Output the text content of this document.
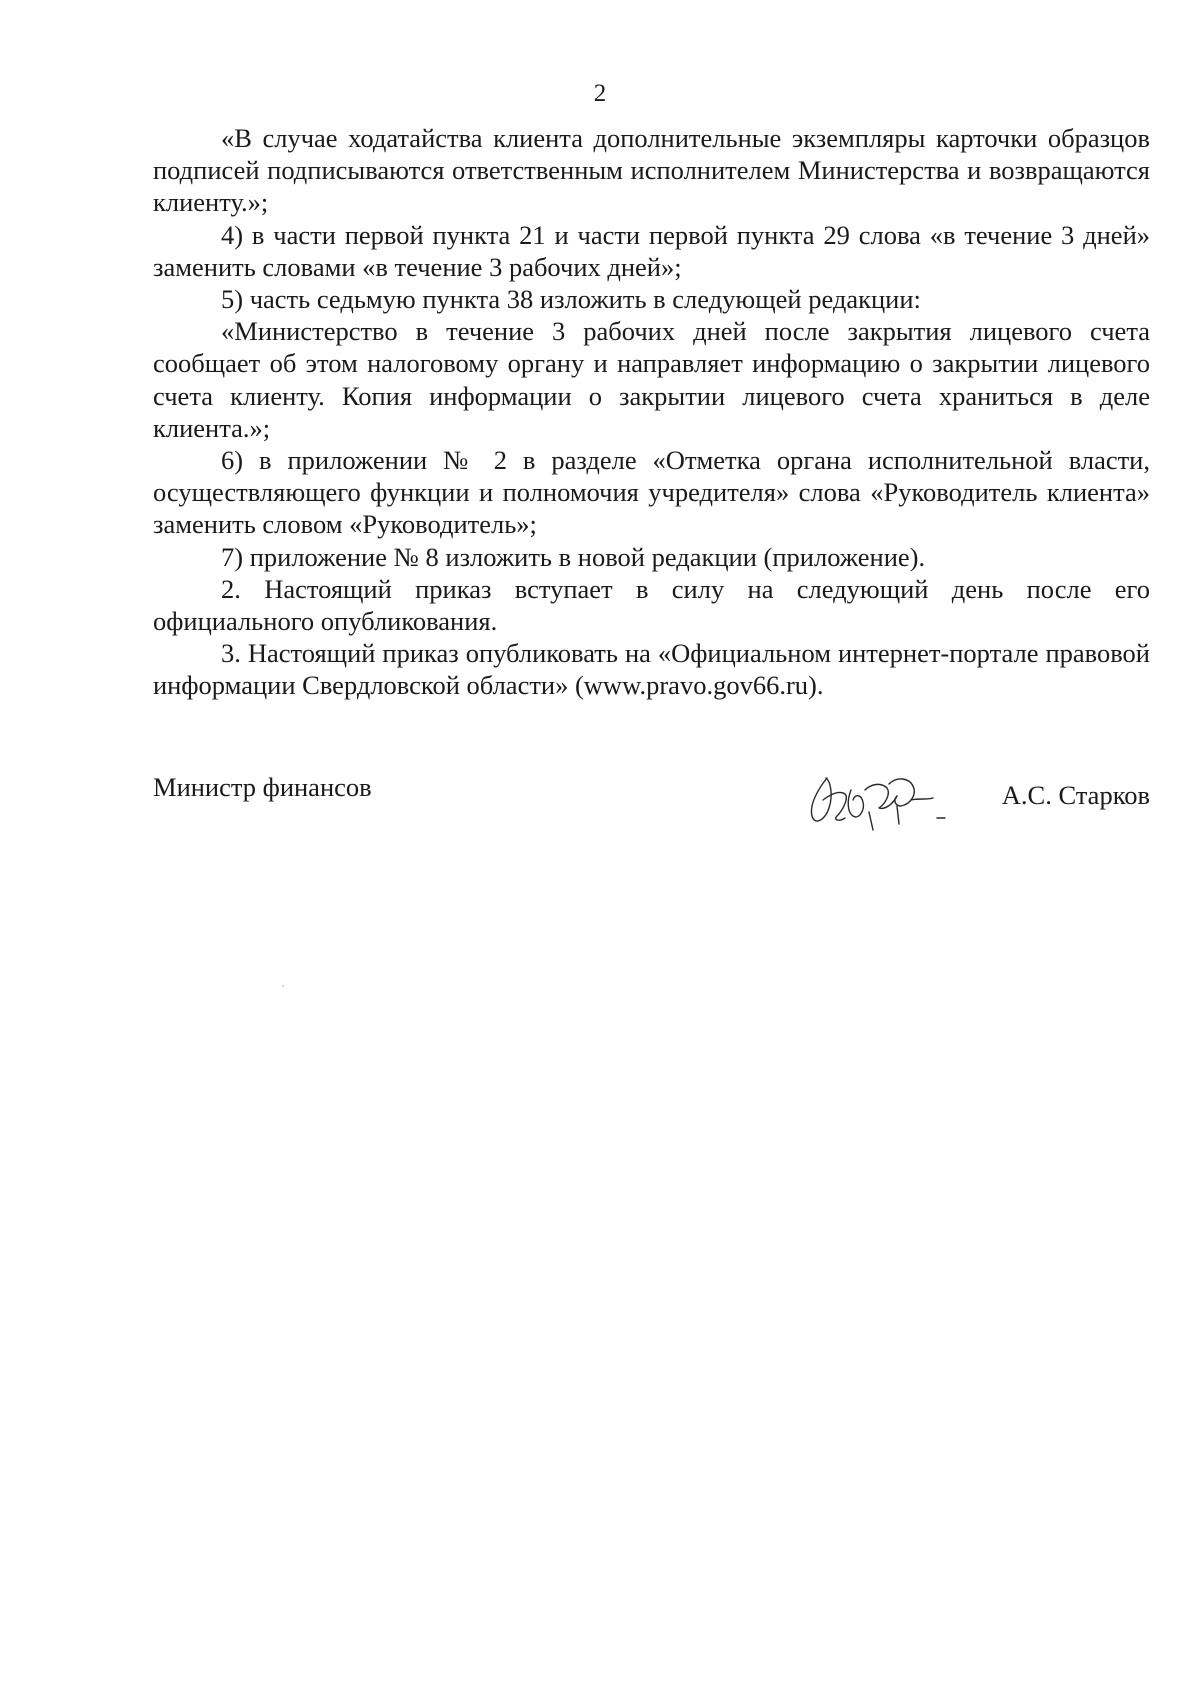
2

«В случае ходатайства клиента дополнительные экземпляры карточки образцов подписей подписываются ответственным исполнителем Министерства и возвращаются клиенту.»;

4) в части первой пункта 21 и части первой пункта 29 слова «в течение 3 дней» заменить словами «в течение 3 рабочих дней»;

5) часть седьмую пункта 38 изложить в следующей редакции:

«Министерство в течение 3 рабочих дней после закрытия лицевого счета сообщает об этом налоговому органу и направляет информацию о закрытии лицевого счета клиенту. Копия информации о закрытии лицевого счета храниться в деле клиента.»;

6) в приложении № 2 в разделе «Отметка органа исполнительной власти, осуществляющего функции и полномочия учредителя» слова «Руководитель клиента» заменить словом «Руководитель»;

7) приложение № 8 изложить в новой редакции (приложение).

2. Настоящий приказ вступает в силу на следующий день после его официального опубликования.

3. Настоящий приказ опубликовать на «Официальном интернет-портале правовой информации Свердловской области» (www.pravo.gov66.ru).

Министр финансов	А.С. Старков
